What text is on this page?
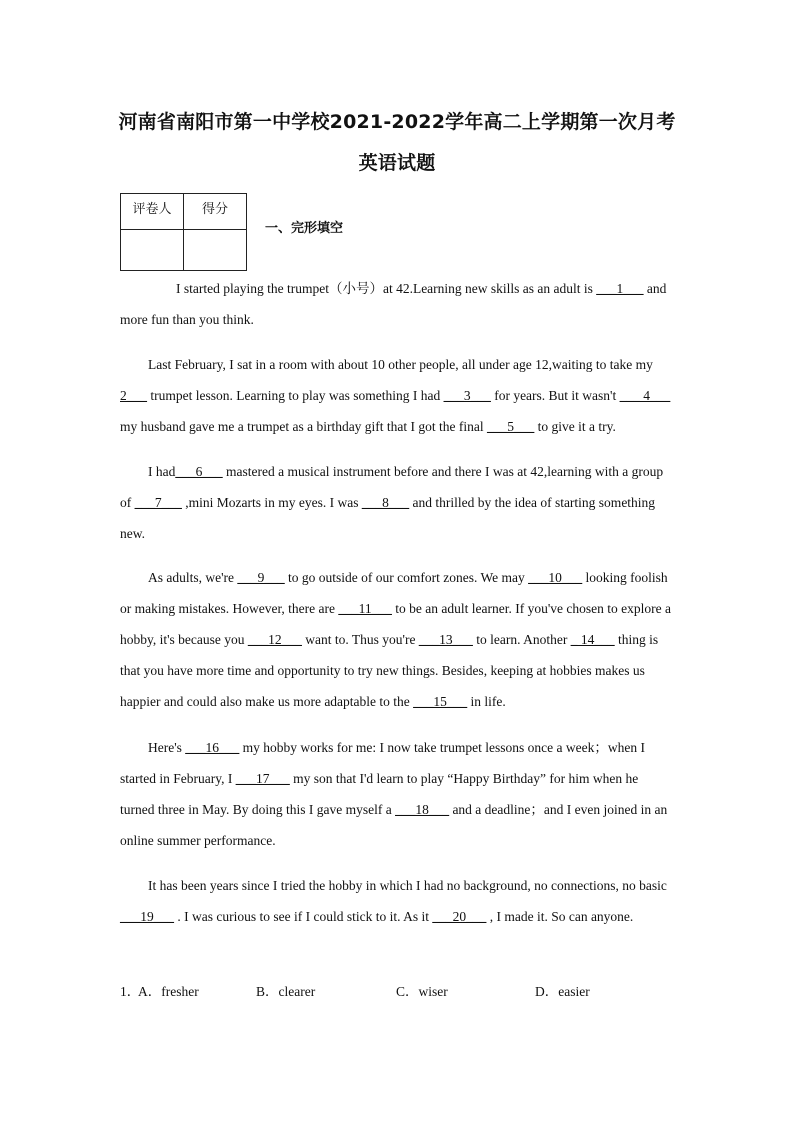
河南省南阳市第一中学校2021-2022学年高二上学期第一次月考
英语试题
评卷人	得分

一、完形填空

I started playing the trumpet（小号）at 42.Learning new skills as an adult is ___1___ and more fun than you think.

Last February, I sat in a room with about 10 other people, all under age 12,waiting to take my 2___ trumpet lesson. Learning to play was something I had ___3___ for years. But it wasn't ___ 4___ my husband gave me a trumpet as a birthday gift that I got the final ___5___ to give it a try.

I had___6___ mastered a musical instrument before and there I was at 42,learning with a group of ___7___ ,mini Mozarts in my eyes. I was ___8___ and thrilled by the idea of starting something new.

As adults, we're ___9___ to go outside of our comfort zones. We may ___10___ looking foolish or making mistakes. However, there are ___11___ to be an adult learner. If you've chosen to explore a hobby, it's because you ___12___ want to. Thus you're ___13___ to learn. Another _ 14___ thing is that you have more time and opportunity to try new things. Besides, keeping at hobbies makes us happier and could also make us more adaptable to the ___15___ in life.

Here's ___16___ my hobby works for me: I now take trumpet lessons once a week；when I started in February, I ___17___ my son that I'd learn to play “Happy Birthday” for him when he turned three in May. By doing this I gave myself a ___18___ and a deadline；and I even joined in an online summer performance.

It has been years since I tried the hobby in which I had no background, no connections, no basic ___19___ . I was curious to see if I could stick to it. As it ___20___ , I made it. So can anyone.

1．A．fresher	B．clearer	C．wiser	D．easier
